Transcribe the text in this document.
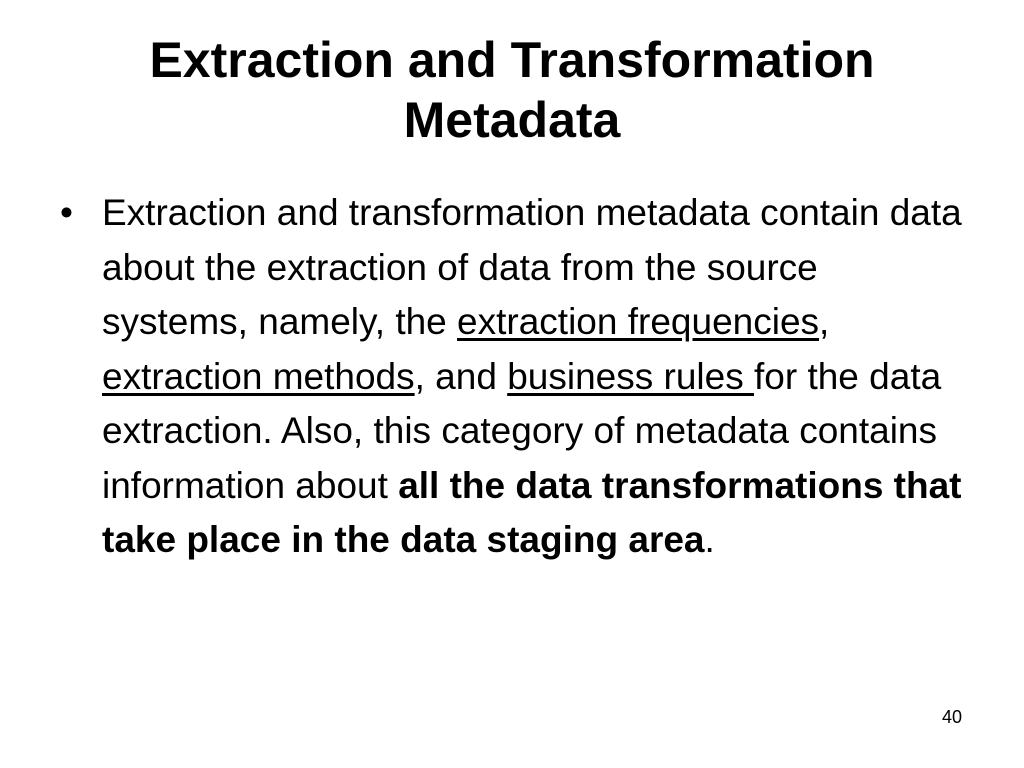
Extraction and Transformation
Metadata
• Extraction and transformation metadata contain data about the extraction of data from the source systems, namely, the extraction frequencies, extraction methods, and business rules for the data extraction. Also, this category of metadata contains information about all the data transformations that take place in the data staging area.
40
